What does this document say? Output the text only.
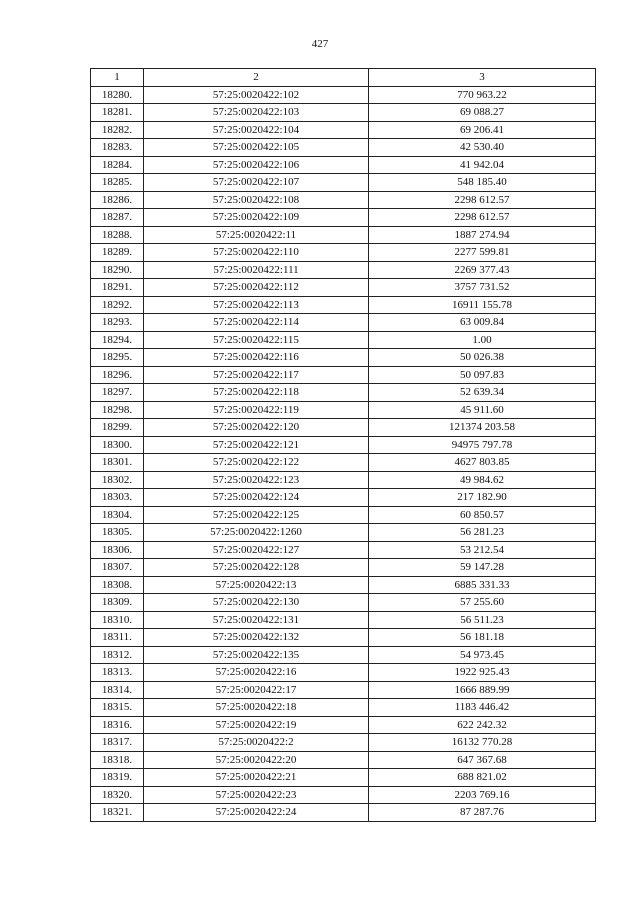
427
1	2	3
18280.	57:25:0020422:102	770 963.22
18281.	57:25:0020422:103	69 088.27
18282.	57:25:0020422:104	69 206.41
18283.	57:25:0020422:105	42 530.40
18284.	57:25:0020422:106	41 942.04
18285.	57:25:0020422:107	548 185.40
18286.	57:25:0020422:108	2298 612.57
18287.	57:25:0020422:109	2298 612.57
18288.	57:25:0020422:11	1887 274.94
18289.	57:25:0020422:110	2277 599.81
18290.	57:25:0020422:111	2269 377.43
18291.	57:25:0020422:112	3757 731.52
18292.	57:25:0020422:113	16911 155.78
18293.	57:25:0020422:114	63 009.84
18294.	57:25:0020422:115	1.00
18295.	57:25:0020422:116	50 026.38
18296.	57:25:0020422:117	50 097.83
18297.	57:25:0020422:118	52 639.34
18298.	57:25:0020422:119	45 911.60
18299.	57:25:0020422:120	121374 203.58
18300.	57:25:0020422:121	94975 797.78
18301.	57:25:0020422:122	4627 803.85
18302.	57:25:0020422:123	49 984.62
18303.	57:25:0020422:124	217 182.90
18304.	57:25:0020422:125	60 850.57
18305.	57:25:0020422:1260	56 281.23
18306.	57:25:0020422:127	53 212.54
18307.	57:25:0020422:128	59 147.28
18308.	57:25:0020422:13	6885 331.33
18309.	57:25:0020422:130	57 255.60
18310.	57:25:0020422:131	56 511.23
18311.	57:25:0020422:132	56 181.18
18312.	57:25:0020422:135	54 973.45
18313.	57:25:0020422:16	1922 925.43
18314.	57:25:0020422:17	1666 889.99
18315.	57:25:0020422:18	1183 446.42
18316.	57:25:0020422:19	622 242.32
18317.	57:25:0020422:2	16132 770.28
18318.	57:25:0020422:20	647 367.68
18319.	57:25:0020422:21	688 821.02
18320.	57:25:0020422:23	2203 769.16
18321.	57:25:0020422:24	87 287.76
